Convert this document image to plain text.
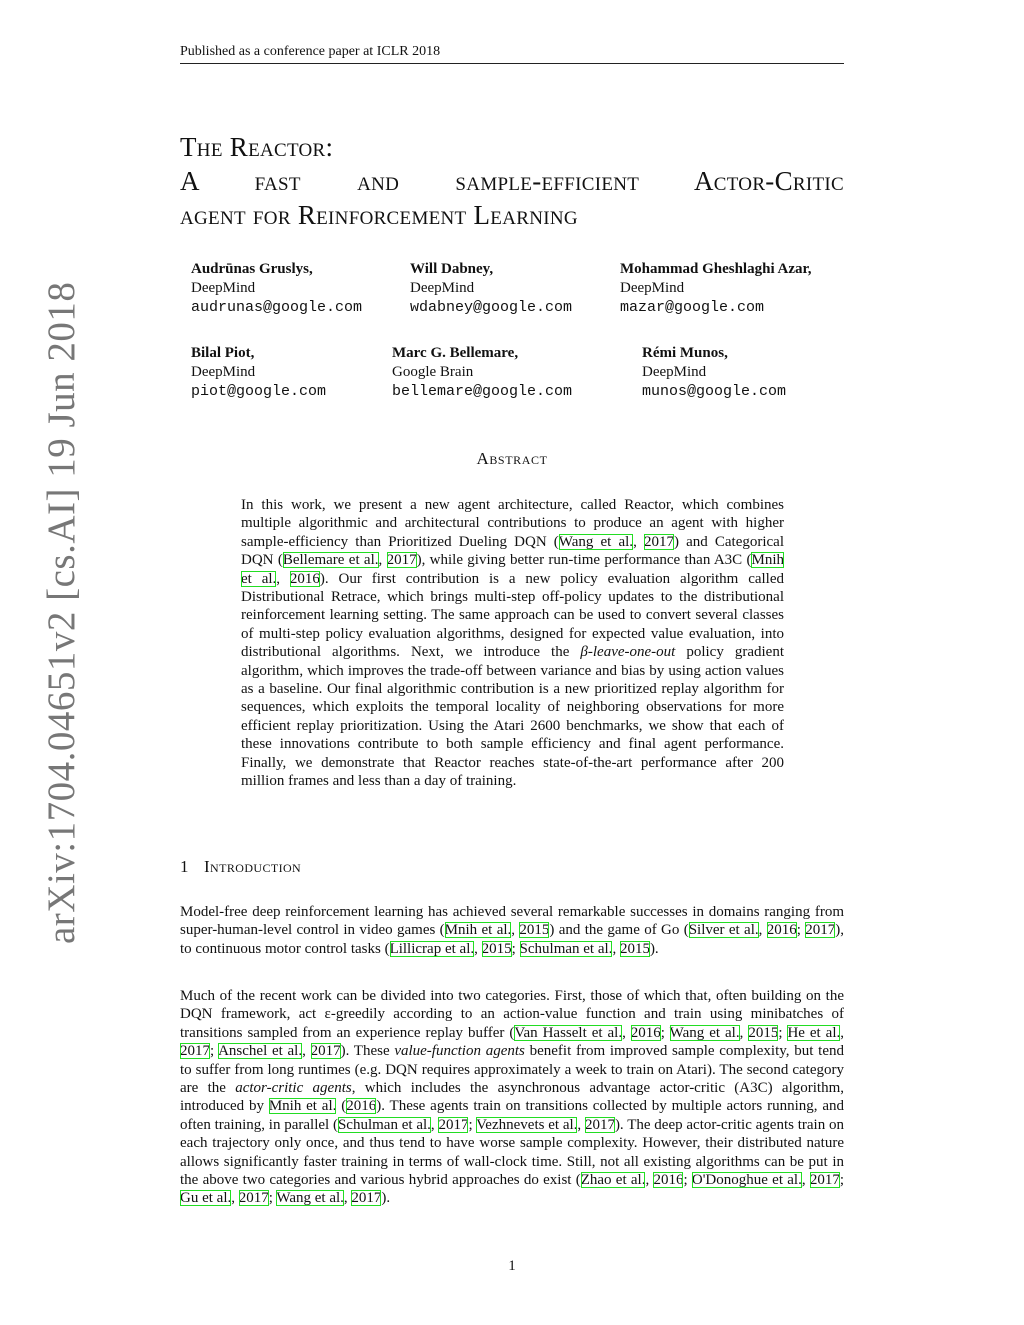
Published as a conference paper at ICLR 2018
arXiv:1704.04651v2 [cs.AI] 19 Jun 2018
The Reactor:
A fast and sample-efficient Actor-Critic
agent for Reinforcement Learning
Audrūnas Gruslys,
DeepMind
audrunas@google.com
Will Dabney,
DeepMind
wdabney@google.com
Mohammad Gheshlaghi Azar,
DeepMind
mazar@google.com
Bilal Piot,
DeepMind
piot@google.com
Marc G. Bellemare,
Google Brain
bellemare@google.com
Rémi Munos,
DeepMind
munos@google.com
Abstract

In this work, we present a new agent architecture, called Reactor, which combines multiple algorithmic and architectural contributions to produce an agent with higher sample-efficiency than Prioritized Dueling DQN (Wang et al., 2017) and Categorical DQN (Bellemare et al., 2017), while giving better run-time performance than A3C (Mnih et al., 2016). Our first contribution is a new policy evaluation algorithm called Distributional Retrace, which brings multi-step off-policy updates to the distributional reinforcement learning setting. The same approach can be used to convert several classes of multi-step policy evaluation algorithms, designed for expected value evaluation, into distributional algorithms. Next, we introduce the β-leave-one-out policy gradient algorithm, which improves the trade-off between variance and bias by using action values as a baseline. Our final algorithmic contribution is a new prioritized replay algorithm for sequences, which exploits the temporal locality of neighboring observations for more efficient replay prioritization. Using the Atari 2600 benchmarks, we show that each of these innovations contribute to both sample efficiency and final agent performance. Finally, we demonstrate that Reactor reaches state-of-the-art performance after 200 million frames and less than a day of training.

1 Introduction

Model-free deep reinforcement learning has achieved several remarkable successes in domains ranging from super-human-level control in video games (Mnih et al., 2015) and the game of Go (Silver et al., 2016; 2017), to continuous motor control tasks (Lillicrap et al., 2015; Schulman et al., 2015).

Much of the recent work can be divided into two categories. First, those of which that, often building on the DQN framework, act ε-greedily according to an action-value function and train using minibatches of transitions sampled from an experience replay buffer (Van Hasselt et al., 2016; Wang et al., 2015; He et al., 2017; Anschel et al., 2017). These value-function agents benefit from improved sample complexity, but tend to suffer from long runtimes (e.g. DQN requires approximately a week to train on Atari). The second category are the actor-critic agents, which includes the asynchronous advantage actor-critic (A3C) algorithm, introduced by Mnih et al. (2016). These agents train on transitions collected by multiple actors running, and often training, in parallel (Schulman et al., 2017; Vezhnevets et al., 2017). The deep actor-critic agents train on each trajectory only once, and thus tend to have worse sample complexity. However, their distributed nature allows significantly faster training in terms of wall-clock time. Still, not all existing algorithms can be put in the above two categories and various hybrid approaches do exist (Zhao et al., 2016; O'Donoghue et al., 2017; Gu et al., 2017; Wang et al., 2017).

1
